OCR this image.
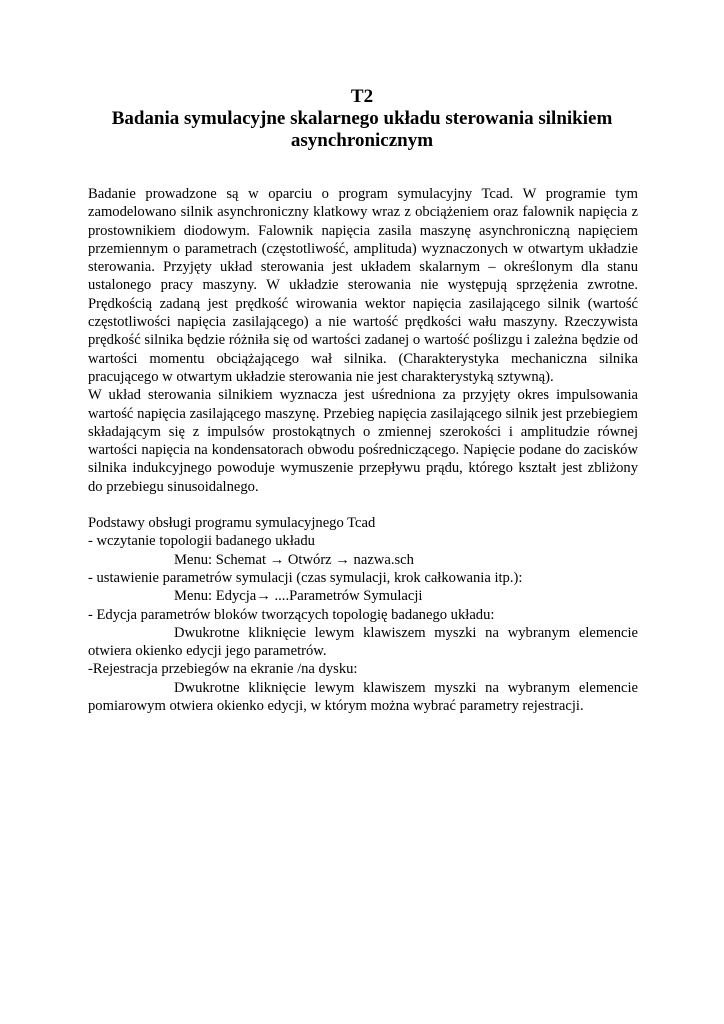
T2
Badania symulacyjne skalarnego układu sterowania silnikiem
asynchronicznym

Badanie prowadzone są w oparciu o program symulacyjny Tcad. W programie tym zamodelowano silnik asynchroniczny klatkowy wraz z obciążeniem oraz falownik napięcia z prostownikiem diodowym. Falownik napięcia zasila maszynę asynchroniczną napięciem przemiennym o parametrach (częstotliwość, amplituda) wyznaczonych w otwartym układzie sterowania. Przyjęty układ sterowania jest układem skalarnym – określonym dla stanu ustalonego pracy maszyny. W układzie sterowania nie występują sprzężenia zwrotne. Prędkością zadaną jest prędkość wirowania wektor napięcia zasilającego silnik (wartość częstotliwości napięcia zasilającego) a nie wartość prędkości wału maszyny. Rzeczywista prędkość silnika będzie różniła się od wartości zadanej o wartość poślizgu i zależna będzie od wartości momentu obciążającego wał silnika. (Charakterystyka mechaniczna silnika pracującego w otwartym układzie sterowania nie jest charakterystyką sztywną).

W układ sterowania silnikiem wyznacza jest uśredniona za przyjęty okres impulsowania wartość napięcia zasilającego maszynę. Przebieg napięcia zasilającego silnik jest przebiegiem składającym się z impulsów prostokątnych o zmiennej szerokości i amplitudzie równej wartości napięcia na kondensatorach obwodu pośredniczącego. Napięcie podane do zacisków silnika indukcyjnego powoduje wymuszenie przepływu prądu, którego kształt jest zbliżony do przebiegu sinusoidalnego.

Podstawy obsługi programu symulacyjnego Tcad

- wczytanie topologii badanego układu

Menu: Schemat → Otwórz → nazwa.sch

- ustawienie parametrów symulacji (czas symulacji, krok całkowania itp.):

Menu: Edycja→ ....Parametrów Symulacji

- Edycja parametrów bloków tworzących topologię badanego układu:

Dwukrotne kliknięcie lewym klawiszem myszki na wybranym elemencie otwiera okienko edycji jego parametrów.

-Rejestracja przebiegów na ekranie /na dysku:

Dwukrotne kliknięcie lewym klawiszem myszki na wybranym elemencie pomiarowym otwiera okienko edycji, w którym można wybrać parametry rejestracji.
